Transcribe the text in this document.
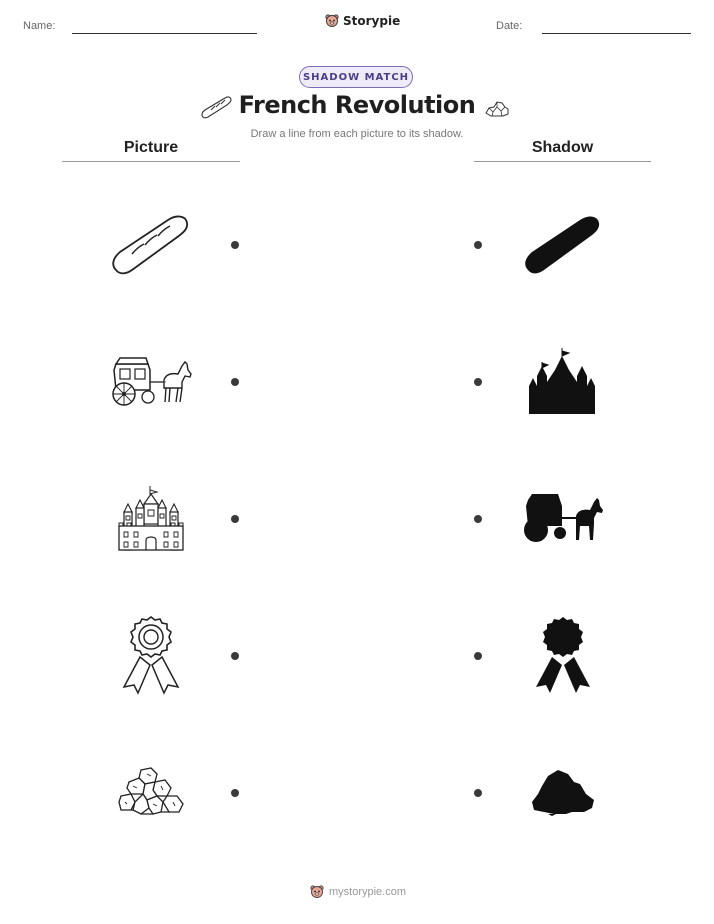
Name:	Storypie	Date:
SHADOW MATCH
French Revolution
Draw a line from each picture to its shadow.
Picture	Shadow
mystorypie.com
